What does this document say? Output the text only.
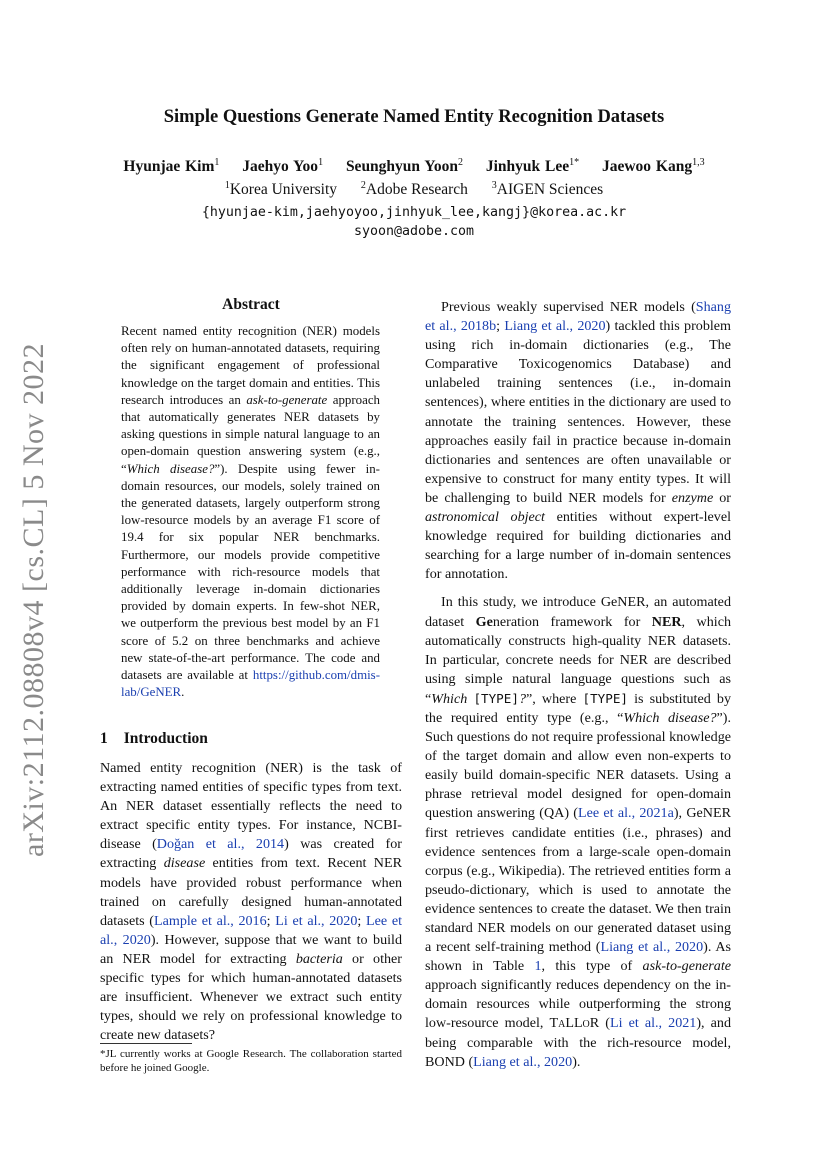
arXiv:2112.08808v4 [cs.CL] 5 Nov 2022
Simple Questions Generate Named Entity Recognition Datasets
Hyunjae Kim$^1$ Jaehyo Yoo$^1$ Seunghyun Yoon$^2$ Jinhyuk Lee$^{1*}$ Jaewoo Kang$^{1,3}$
$^1$Korea University $^2$Adobe Research $^3$AIGEN Sciences
{hyunjae-kim,jaehyoyoo,jinhyuk_lee,kangj}@korea.ac.kr
syoon@adobe.com
Abstract
Recent named entity recognition (NER) models often rely on human-annotated datasets, requiring the significant engagement of professional knowledge on the target domain and entities. This research introduces an ask-to-generate approach that automatically generates NER datasets by asking questions in simple natural language to an open-domain question answering system (e.g., “Which disease?”). Despite using fewer in-domain resources, our models, solely trained on the generated datasets, largely outperform strong low-resource models by an average F1 score of 19.4 for six popular NER benchmarks. Furthermore, our models provide competitive performance with rich-resource models that additionally leverage in-domain dictionaries provided by domain experts. In few-shot NER, we outperform the previous best model by an F1 score of 5.2 on three benchmarks and achieve new state-of-the-art performance. The code and datasets are available at https://github.com/dmis-lab/GeNER.
1 Introduction
Named entity recognition (NER) is the task of extracting named entities of specific types from text. An NER dataset essentially reflects the need to extract specific entity types. For instance, NCBI-disease (Doğan et al., 2014) was created for extracting disease entities from text. Recent NER models have provided robust performance when trained on carefully designed human-annotated datasets (Lample et al., 2016; Li et al., 2020; Lee et al., 2020). However, suppose that we want to build an NER model for extracting bacteria or other specific types for which human-annotated datasets are insufficient. Whenever we extract such entity types, should we rely on professional knowledge to create new datasets?
*JL currently works at Google Research. The collaboration started before he joined Google.

Previous weakly supervised NER models (Shang et al., 2018b; Liang et al., 2020) tackled this problem using rich in-domain dictionaries (e.g., The Comparative Toxicogenomics Database) and unlabeled training sentences (i.e., in-domain sentences), where entities in the dictionary are used to annotate the training sentences. However, these approaches easily fail in practice because in-domain dictionaries and sentences are often unavailable or expensive to construct for many entity types. It will be challenging to build NER models for enzyme or astronomical object entities without expert-level knowledge required for building dictionaries and searching for a large number of in-domain sentences for annotation.

In this study, we introduce GeNER, an automated dataset Generation framework for NER, which automatically constructs high-quality NER datasets. In particular, concrete needs for NER are described using simple natural language questions such as “Which [TYPE]?”, where [TYPE] is substituted by the required entity type (e.g., “Which disease?”). Such questions do not require professional knowledge of the target domain and allow even non-experts to easily build domain-specific NER datasets. Using a phrase retrieval model designed for open-domain question answering (QA) (Lee et al., 2021a), GeNER first retrieves candidate entities (i.e., phrases) and evidence sentences from a large-scale open-domain corpus (e.g., Wikipedia). The retrieved entities form a pseudo-dictionary, which is used to annotate the evidence sentences to create the dataset. We then train standard NER models on our generated dataset using a recent self-training method (Liang et al., 2020). As shown in Table 1, this type of ask-to-generate approach significantly reduces dependency on the in-domain resources while outperforming the strong low-resource model, TaLLoR (Li et al., 2021), and being comparable with the rich-resource model, BOND (Liang et al., 2020).
